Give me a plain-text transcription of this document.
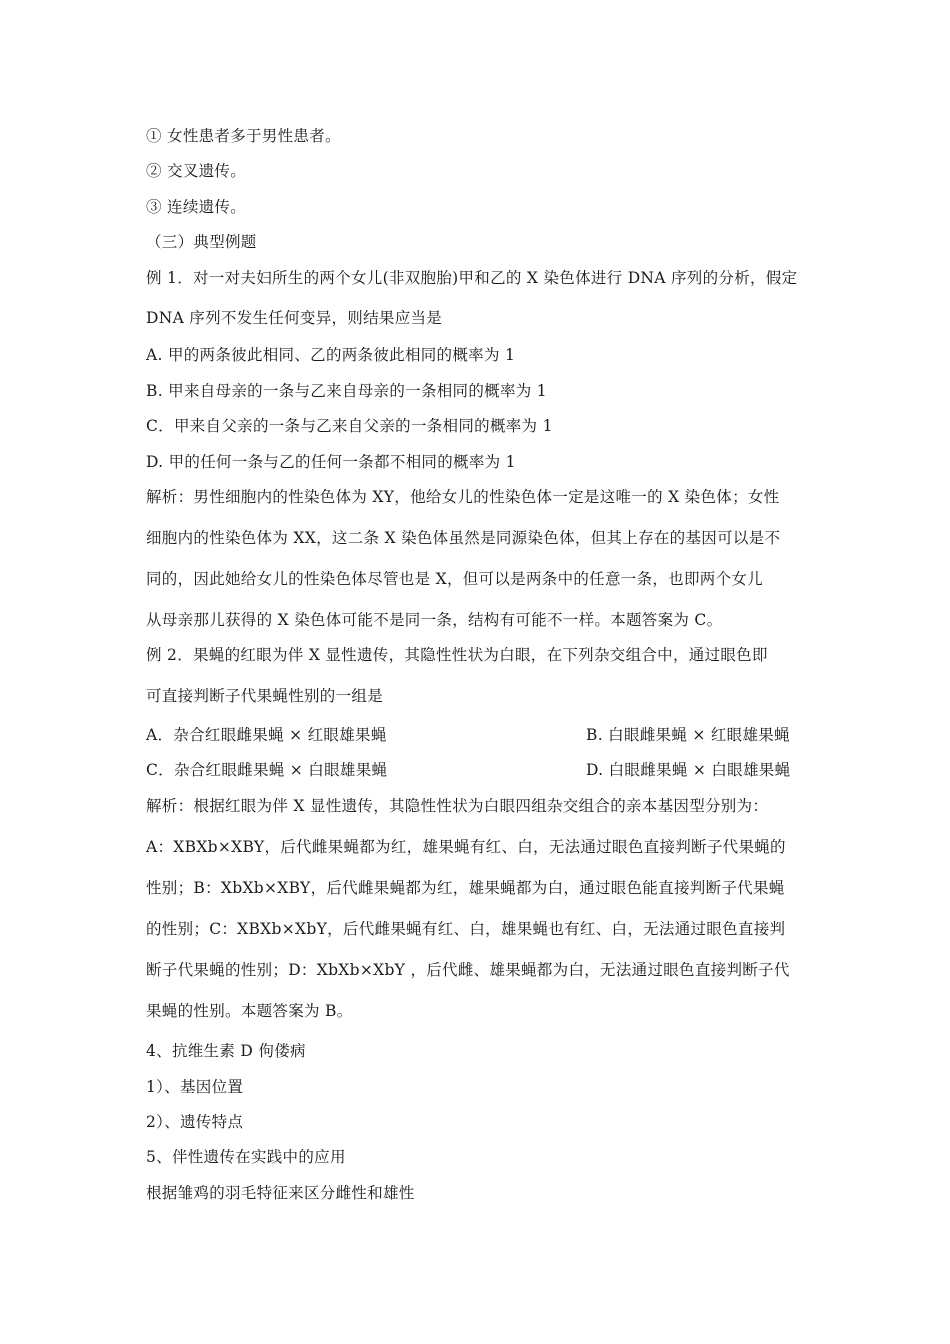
① 女性患者多于男性患者。
② 交叉遗传。
③ 连续遗传。
（三）典型例题
例 1．对一对夫妇所生的两个女儿(非双胞胎)甲和乙的 X 染色体进行 DNA 序列的分析，假定
DNA 序列不发生任何变异，则结果应当是
A. 甲的两条彼此相同、乙的两条彼此相同的概率为 1
B. 甲来自母亲的一条与乙来自母亲的一条相同的概率为 1
C．甲来自父亲的一条与乙来自父亲的一条相同的概率为 1
D. 甲的任何一条与乙的任何一条都不相同的概率为 1
解析：男性细胞内的性染色体为 XY，他给女儿的性染色体一定是这唯一的 X 染色体；女性
细胞内的性染色体为 XX，这二条 X 染色体虽然是同源染色体，但其上存在的基因可以是不
同的，因此她给女儿的性染色体尽管也是 X，但可以是两条中的任意一条，也即两个女儿
从母亲那儿获得的 X 染色体可能不是同一条，结构有可能不一样。本题答案为 C。
例 2．果蝇的红眼为伴 X 显性遗传，其隐性性状为白眼，在下列杂交组合中，通过眼色即
可直接判断子代果蝇性别的一组是
A．杂合红眼雌果蝇 × 红眼雄果蝇	B. 白眼雌果蝇 × 红眼雄果蝇
C．杂合红眼雌果蝇 × 白眼雄果蝇	D. 白眼雌果蝇 × 白眼雄果蝇
解析：根据红眼为伴 X 显性遗传，其隐性性状为白眼四组杂交组合的亲本基因型分别为：
A：XBXb×XBY，后代雌果蝇都为红，雄果蝇有红、白，无法通过眼色直接判断子代果蝇的
性别；B：XbXb×XBY，后代雌果蝇都为红，雄果蝇都为白，通过眼色能直接判断子代果蝇
的性别；C：XBXb×XbY，后代雌果蝇有红、白，雄果蝇也有红、白，无法通过眼色直接判
断子代果蝇的性别；D：XbXb×XbY ，后代雌、雄果蝇都为白，无法通过眼色直接判断子代
果蝇的性别。本题答案为 B。
4、抗维生素 D 佝偻病
1）、基因位置
2）、遗传特点
5、伴性遗传在实践中的应用
根据雏鸡的羽毛特征来区分雌性和雄性
